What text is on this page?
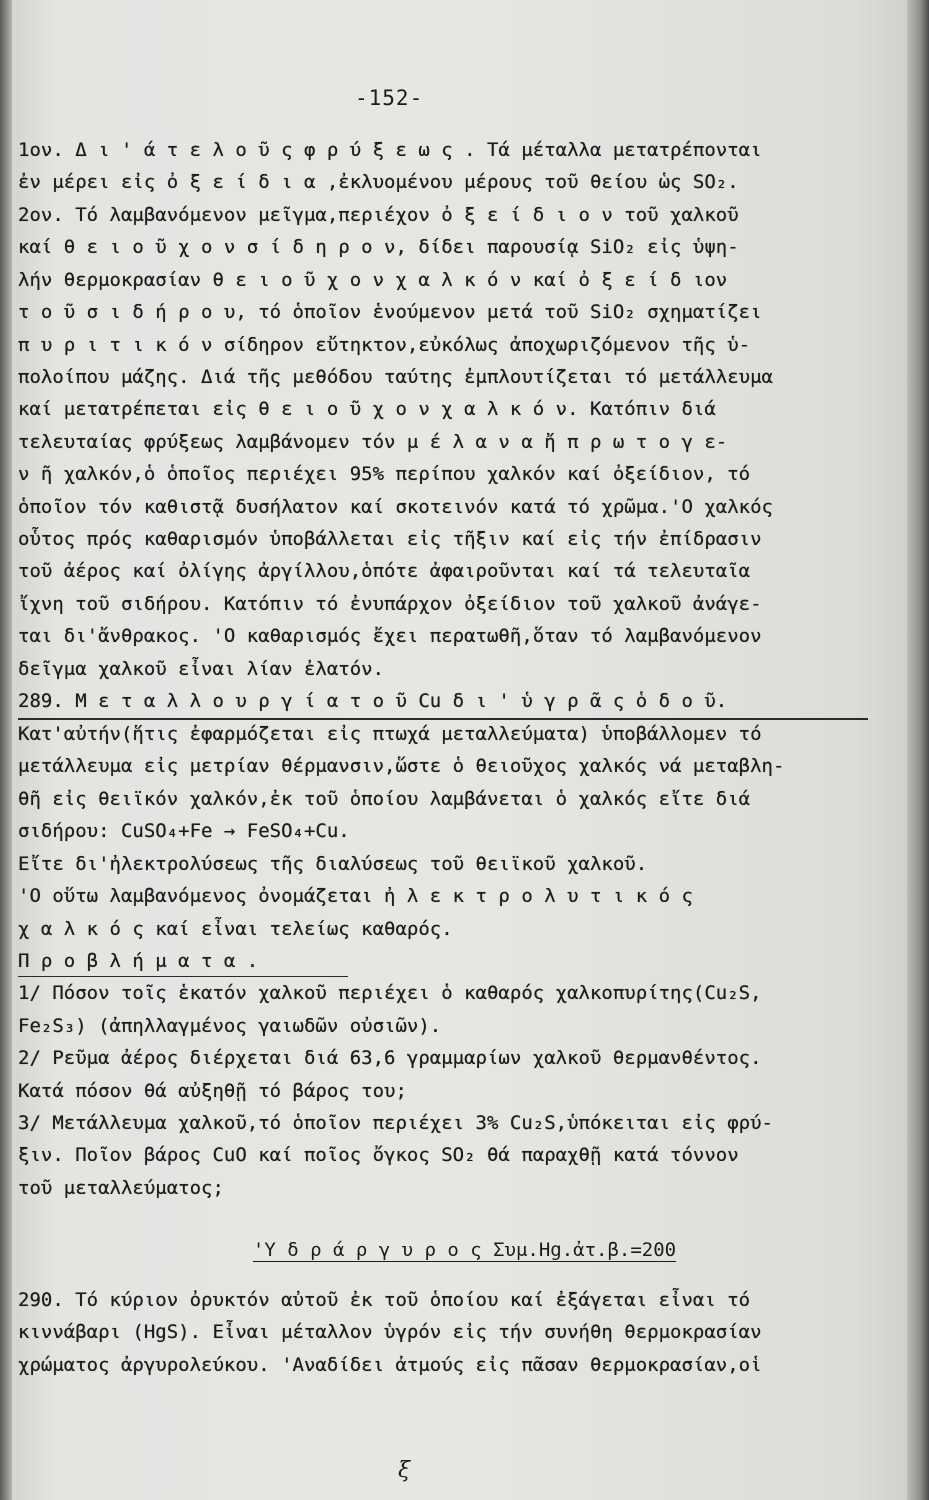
-152-
1ον. Δ ι ' ά τ ε λ ο ῦ ς φ ρ ύ ξ ε ω ς . Τά μέταλλα μετατρέπονται
ἐν μέρει εἰς ὀ ξ ε ί δ ι α ,ἐκλυομένου μέρους τοῦ θείου ὡς SO₂.
2ον. Τό λαμβανόμενον μεῖγμα,περιέχον ὀ ξ ε ί δ ι ο ν τοῦ χαλκοῦ
καί θ ε ι ο ῦ χ ο ν σ ί δ η ρ ο ν, δίδει παρουσίᾳ SiO₂ εἰς ὑψη-
λήν θερμοκρασίαν θ ε ι ο ῦ χ ο ν χ α λ κ ό ν καί ὀ ξ ε ί δ ιον
τ ο ῦ σ ι δ ή ρ ο υ, τό ὁποῖον ἑνούμενον μετά τοῦ SiO₂ σχηματίζει
π υ ρ ι τ ι κ ό ν σίδηρον εὔτηκτον,εὐκόλως ἀποχωριζόμενον τῆς ὑ-
πολοίπου μάζης. Διά τῆς μεθόδου ταύτης ἐμπλουτίζεται τό μετάλλευμα
καί μετατρέπεται εἰς θ ε ι ο ῦ χ ο ν χ α λ κ ό ν. Κατόπιν διά
τελευταίας φρύξεως λαμβάνομεν τόν μ έ λ α ν α ἤ π ρ ω τ ο γ ε-
ν ῆ χαλκόν,ὁ ὁποῖος περιέχει 95% περίπου χαλκόν καί ὀξείδιον, τό
ὁποῖον τόν καθιστᾷ δυσήλατον καί σκοτεινόν κατά τό χρῶμα.'Ο χαλκός
οὗτος πρός καθαρισμόν ὑποβάλλεται εἰς τῆξιν καί εἰς τήν ἐπίδρασιν
τοῦ ἀέρος καί ὀλίγης ἀργίλλου,ὁπότε ἀφαιροῦνται καί τά τελευταῖα
ἴχνη τοῦ σιδήρου. Κατόπιν τό ἐνυπάρχον ὀξείδιον τοῦ χαλκοῦ ἀνάγε-
ται δι'ἄνθρακος. 'Ο καθαρισμός ἔχει περατωθῆ,ὅταν τό λαμβανόμενον
δεῖγμα χαλκοῦ εἶναι λίαν ἐλατόν.
289. Μ ε τ α λ λ ο υ ρ γ ί α τ ο ῦ Cu δ ι ' ὑ γ ρ ᾶ ς ὁ δ ο ῦ.
Κατ'αὐτήν(ἥτις ἐφαρμόζεται εἰς πτωχά μεταλλεύματα) ὑποβάλλομεν τό
μετάλλευμα εἰς μετρίαν θέρμανσιν,ὥστε ὁ θειοῦχος χαλκός νά μεταβλη-
θῆ εἰς θειϊκόν χαλκόν,ἐκ τοῦ ὁποίου λαμβάνεται ὁ χαλκός εἴτε διά
σιδήρου: CuSO₄+Fe → FeSO₄+Cu.
Εἴτε δι'ἠλεκτρολύσεως τῆς διαλύσεως τοῦ θειϊκοῦ χαλκοῦ.
'Ο οὕτω λαμβανόμενος ὀνομάζεται ἠ λ ε κ τ ρ ο λ υ τ ι κ ό ς
χ α λ κ ό ς καί εἶναι τελείως καθαρός.
Π ρ ο β λ ή μ α τ α .
1/ Πόσον τοῖς ἑκατόν χαλκοῦ περιέχει ὁ καθαρός χαλκοπυρίτης(Cu₂S,
Fe₂S₃) (ἀπηλλαγμένος γαιωδῶν οὐσιῶν).
2/ Ρεῦμα ἀέρος διέρχεται διά 63,6 γραμμαρίων χαλκοῦ θερμανθέντος.
Κατά πόσον θά αὐξηθῇ τό βάρος του;
3/ Μετάλλευμα χαλκοῦ,τό ὁποῖον περιέχει 3% Cu₂S,ὑπόκειται εἰς φρύ-
ξιν. Ποῖον βάρος CuO καί ποῖος ὄγκος SO₂ θά παραχθῇ κατά τόννον
τοῦ μεταλλεύματος;
'Υ δ ρ ά ρ γ υ ρ ο ς Συμ.Hg.ἀτ.β.=200
290. Τό κύριον ὀρυκτόν αὐτοῦ ἐκ τοῦ ὁποίου καί ἐξάγεται εἶναι τό
κιννάβαρι (HgS). Εἶναι μέταλλον ὑγρόν εἰς τήν συνήθη θερμοκρασίαν
χρώματος ἀργυρολεύκου. 'Αναδίδει ἀτμούς εἰς πᾶσαν θερμοκρασίαν,οἱ
ξ
